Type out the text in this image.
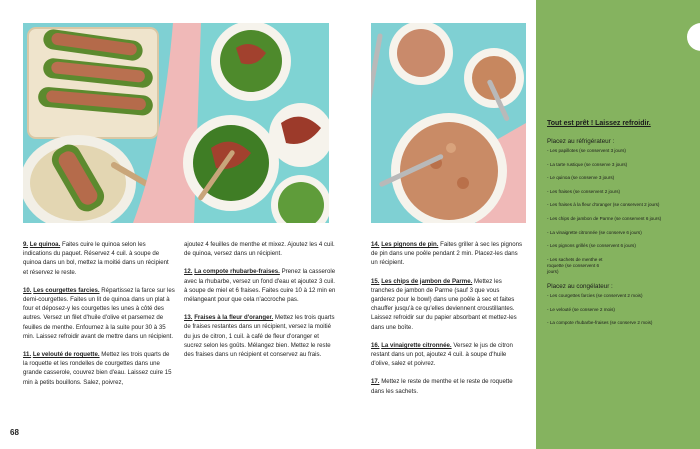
9. Le quinoa. Faites cuire le quinoa selon les indications du paquet. Réservez 4 cuil. à soupe de quinoa dans un bol, mettez la moitié dans un récipient et réservez le reste.

10. Les courgettes farcies. Répartissez la farce sur les demi-courgettes. Faites un lit de quinoa dans un plat à four et déposez-y les courgettes les unes à côté des autres. Versez un filet d'huile d'olive et parsemez de feuilles de menthe. Enfournez à la suite pour 30 à 35 min. Laissez refroidir avant de mettre dans un récipient.

11. Le velouté de roquette. Mettez les trois quarts de la roquette et les rondelles de courgettes dans une grande casserole, couvrez bien d'eau. Laissez cuire 15 min à petits bouillons. Salez, poivrez,

ajoutez 4 feuilles de menthe et mixez. Ajoutez les 4 cuil. de quinoa, versez dans un récipient.

12. La compote rhubarbe-fraises. Prenez la casserole avec la rhubarbe, versez un fond d'eau et ajoutez 3 cuil. à soupe de miel et 6 fraises. Faites cuire 10 à 12 min en mélangeant pour que cela n'accroche pas.

13. Fraises à la fleur d'oranger. Mettez les trois quarts de fraises restantes dans un récipient, versez la moitié du jus de citron, 1 cuil. à café de fleur d'oranger et sucrez selon les goûts. Mélangez bien. Mettez le reste des fraises dans un récipient et conservez au frais.

14. Les pignons de pin. Faites griller à sec les pignons de pin dans une poêle pendant 2 min. Placez-les dans un récipient.

15. Les chips de jambon de Parme. Mettez les tranches de jambon de Parme (sauf 3 que vous garderez pour le bowl) dans une poêle à sec et faites chauffer jusqu'à ce qu'elles deviennent croustillantes. Laissez refroidir sur du papier absorbant et mettez-les dans une boîte.

16. La vinaigrette citronnée. Versez le jus de citron restant dans un pot, ajoutez 4 cuil. à soupe d'huile d'olive, salez et poivrez.

17. Mettez le reste de menthe et le reste de roquette dans les sachets.

68
Tout est prêt ! Laissez refroidir.
Placez au réfrigérateur :
- Les papillotes (se conservent 3 jours)
- La tarte rustique (se conserve 3 jours)
- Le quinoa (se conserve 3 jours)
- Les fraises (se conservent 2 jours)
- Les fraises à la fleur d'oranger (se conservent 2 jours)
- Les chips de jambon de Parme (se conservent 6 jours)
- La vinaigrette citronnée (se conserve 6 jours)
- Les pignons grillés (se conservent 6 jours)
- Les sachets de menthe et roquette (se conservent 6 jours)
Placez au congélateur :
- Les courgettes farcies (se conservent 2 mois)
- Le velouté (se conserve 2 mois)
- La compote rhubarbe-fraises (se conserve 2 mois)
